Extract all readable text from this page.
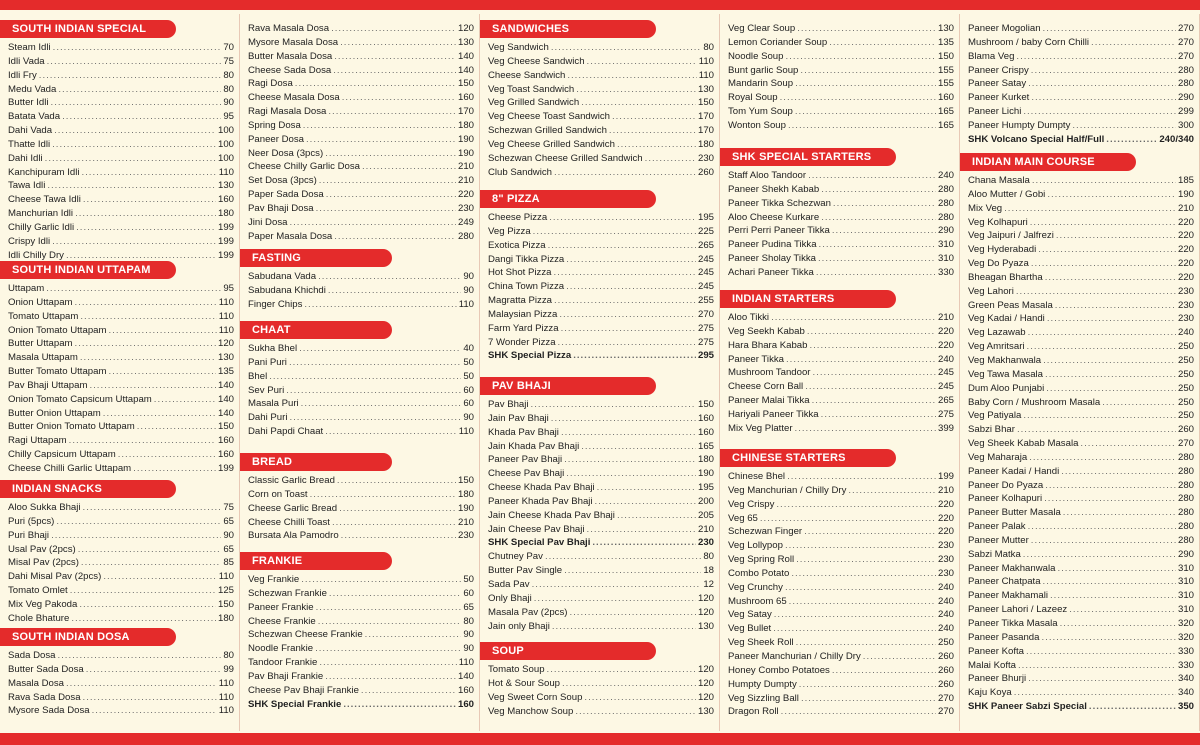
SOUTH INDIAN SPECIAL
Steam Idli .....	70
Idli Vada .....	75
Idli Fry .....	80
Medu Vada .....	80
Butter Idli .....	90
Batata Vada .....	95
Dahi Vada .....	100
Thatte Idli .....	100
Dahi Idli .....	100
Kanchipuram Idli .....	110
Tawa Idli .....	130
Cheese Tawa Idli .....	160
Manchurian Idli .....	180
Chilly Garlic Idli .....	199
Crispy Idli .....	199
Idli Chilly Dry .....	199
SOUTH INDIAN UTTAPAM
Uttapam .....	95
Onion Uttapam .....	110
Tomato Uttapam .....	110
Onion Tomato Uttapam .....	110
Butter Uttapam .....	120
Masala Uttapam .....	130
Butter Tomato Uttapam .....	135
Pav Bhaji Uttapam .....	140
Onion Tomato Capsicum Uttapam .....	140
Butter Onion Uttapam .....	140
Butter Onion Tomato Uttapam .....	150
Ragi Uttapam .....	160
Chilly Capsicum Uttapam .....	160
Cheese Chilli Garlic Uttapam .....	199
INDIAN SNACKS
Aloo Sukka Bhaji .....	75
Puri (5pcs) .....	65
Puri Bhaji .....	90
Usal Pav (2pcs) .....	65
Misal Pav (2pcs) .....	85
Dahi Misal Pav (2pcs) .....	110
Tomato Omlet .....	125
Mix Veg Pakoda .....	150
Chole Bhature .....	180
SOUTH INDIAN DOSA
Sada Dosa .....	80
Butter Sada Dosa .....	99
Masala Dosa .....	110
Rava Sada Dosa .....	110
Mysore Sada Dosa .....	110
Rava Masala Dosa .....	120
Mysore Masala Dosa .....	130
Butter Masala Dosa .....	140
Cheese Sada Dosa .....	140
Ragi Dosa .....	150
Cheese Masala Dosa .....	160
Ragi Masala Dosa .....	170
Spring Dosa .....	180
Paneer Dosa .....	190
Neer Dosa (3pcs) .....	190
Cheese Chilly Garlic Dosa .....	210
Set Dosa (3pcs) .....	210
Paper Sada Dosa .....	220
Pav Bhaji Dosa .....	230
Jini Dosa .....	249
Paper Masala Dosa .....	280
FASTING
Sabudana Vada .....	90
Sabudana Khichdi .....	90
Finger Chips .....	110
CHAAT
Sukha Bhel .....	40
Pani Puri .....	50
Bhel .....	50
Sev Puri .....	60
Masala Puri .....	60
Dahi Puri .....	90
Dahi Papdi Chaat .....	110
BREAD
Classic Garlic Bread .....	150
Corn on Toast .....	180
Cheese Garlic Bread .....	190
Cheese Chilli Toast .....	210
Bursata Ala Pamodro .....	230
FRANKIE
Veg Frankie .....	50
Schezwan Frankie .....	60
Paneer Frankie .....	65
Cheese Frankie .....	80
Schezwan Cheese Frankie .....	90
Noodle Frankie .....	90
Tandoor Frankie .....	110
Pav Bhaji Frankie .....	140
Cheese Pav Bhaji Frankie .....	160
SHK Special Frankie .....	160
SANDWICHES
Veg Sandwich .....	80
Veg Cheese Sandwich .....	110
Cheese Sandwich .....	110
Veg Toast Sandwich .....	130
Veg Grilled Sandwich .....	150
Veg Cheese Toast Sandwich .....	170
Schezwan Grilled Sandwich .....	170
Veg Cheese Grilled Sandwich .....	180
Schezwan Cheese Grilled Sandwich .....	230
Club Sandwich .....	260
8" PIZZA
Cheese Pizza .....	195
Veg Pizza .....	225
Exotica Pizza .....	265
Dangi Tikka Pizza .....	245
Hot Shot Pizza .....	245
China Town Pizza .....	245
Magratta Pizza .....	255
Malaysian Pizza .....	270
Farm Yard Pizza .....	275
7 Wonder Pizza .....	275
SHK Special Pizza .....	295
PAV BHAJI
Pav Bhaji .....	150
Jain Pav Bhaji .....	160
Khada Pav Bhaji .....	160
Jain Khada Pav Bhaji .....	165
Paneer Pav Bhaji .....	180
Cheese Pav Bhaji .....	190
Cheese Khada Pav Bhaji .....	195
Paneer Khada Pav Bhaji .....	200
Jain Cheese Khada Pav Bhaji .....	205
Jain Cheese Pav Bhaji .....	210
SHK Special Pav Bhaji .....	230
Chutney Pav .....	80
Butter Pav Single .....	18
Sada Pav .....	12
Only Bhaji .....	120
Masala Pav (2pcs) .....	120
Jain only Bhaji .....	130
SOUP
Tomato Soup .....	120
Hot & Sour Soup .....	120
Veg Sweet Corn Soup .....	120
Veg Manchow Soup .....	130
Veg Clear Soup .....	130
Lemon Coriander Soup .....	135
Noodle Soup .....	150
Bunt garlic Soup .....	155
Mandarin Soup .....	155
Royal Soup .....	160
Tom Yum Soup .....	165
Wonton Soup .....	165
SHK SPECIAL STARTERS
Staff Aloo Tandoor .....	240
Paneer Shekh Kabab .....	280
Paneer Tikka Schezwan .....	280
Aloo Cheese Kurkare .....	280
Perri Perri Paneer Tikka .....	290
Paneer Pudina Tikka .....	310
Paneer Sholay Tikka .....	310
Achari Paneer Tikka .....	330
INDIAN STARTERS
Aloo Tikki .....	210
Veg Seekh Kabab .....	220
Hara Bhara Kabab .....	220
Paneer Tikka .....	240
Mushroom Tandoor .....	245
Cheese Corn Ball .....	245
Paneer Malai Tikka .....	265
Hariyali Paneer Tikka .....	275
Mix Veg Platter .....	399
CHINESE STARTERS
Chinese Bhel .....	199
Veg Manchurian / Chilly Dry .....	210
Veg Crispy .....	220
Veg 65 .....	220
Schezwan Finger .....	220
Veg Lollypop .....	230
Veg Spring Roll .....	230
Combo Potato .....	230
Veg Crunchy .....	240
Mushroom 65 .....	240
Veg Satay .....	240
Veg Bullet .....	240
Veg Sheek Roll .....	250
Paneer Manchurian / Chilly Dry .....	260
Honey Combo Potatoes .....	260
Humpty Dumpty .....	260
Veg Sizzling Ball .....	270
Dragon Roll .....	270
Paneer Mogolian .....	270
Mushroom / baby Corn Chilli .....	270
Blama Veg .....	270
Paneer Crispy .....	280
Paneer Satay .....	280
Paneer Kurket .....	290
Paneer Lichi .....	299
Paneer Humpty Dumpty .....	300
SHK Volcano Special Half/Full .....	240/340
INDIAN MAIN COURSE
Chana Masala .....	185
Aloo Mutter / Gobi .....	190
Mix Veg .....	210
Veg Kolhapuri .....	220
Veg Jaipuri / Jalfrezi .....	220
Veg Hyderabadi .....	220
Veg Do Pyaza .....	220
Bheagan Bhartha .....	220
Veg Lahori .....	230
Green Peas Masala .....	230
Veg Kadai / Handi .....	230
Veg Lazawab .....	240
Veg Amritsari .....	250
Veg Makhanwala .....	250
Veg Tawa Masala .....	250
Dum Aloo Punjabi .....	250
Baby Corn / Mushroom Masala .....	250
Veg Patiyala .....	250
Sabzi Bhar .....	260
Veg Sheek Kabab Masala .....	270
Veg Maharaja .....	280
Paneer Kadai / Handi .....	280
Paneer Do Pyaza .....	280
Paneer Kolhapuri .....	280
Paneer Butter Masala .....	280
Paneer Palak .....	280
Paneer Mutter .....	280
Sabzi Matka .....	290
Paneer Makhanwala .....	310
Paneer Chatpata .....	310
Paneer Makhamali .....	310
Paneer Lahori / Lazeez .....	310
Paneer Tikka Masala .....	320
Paneer Pasanda .....	320
Paneer Kofta .....	330
Malai Kofta .....	330
Paneer Bhurji .....	340
Kaju Koya .....	340
SHK Paneer Sabzi Special .....	350
